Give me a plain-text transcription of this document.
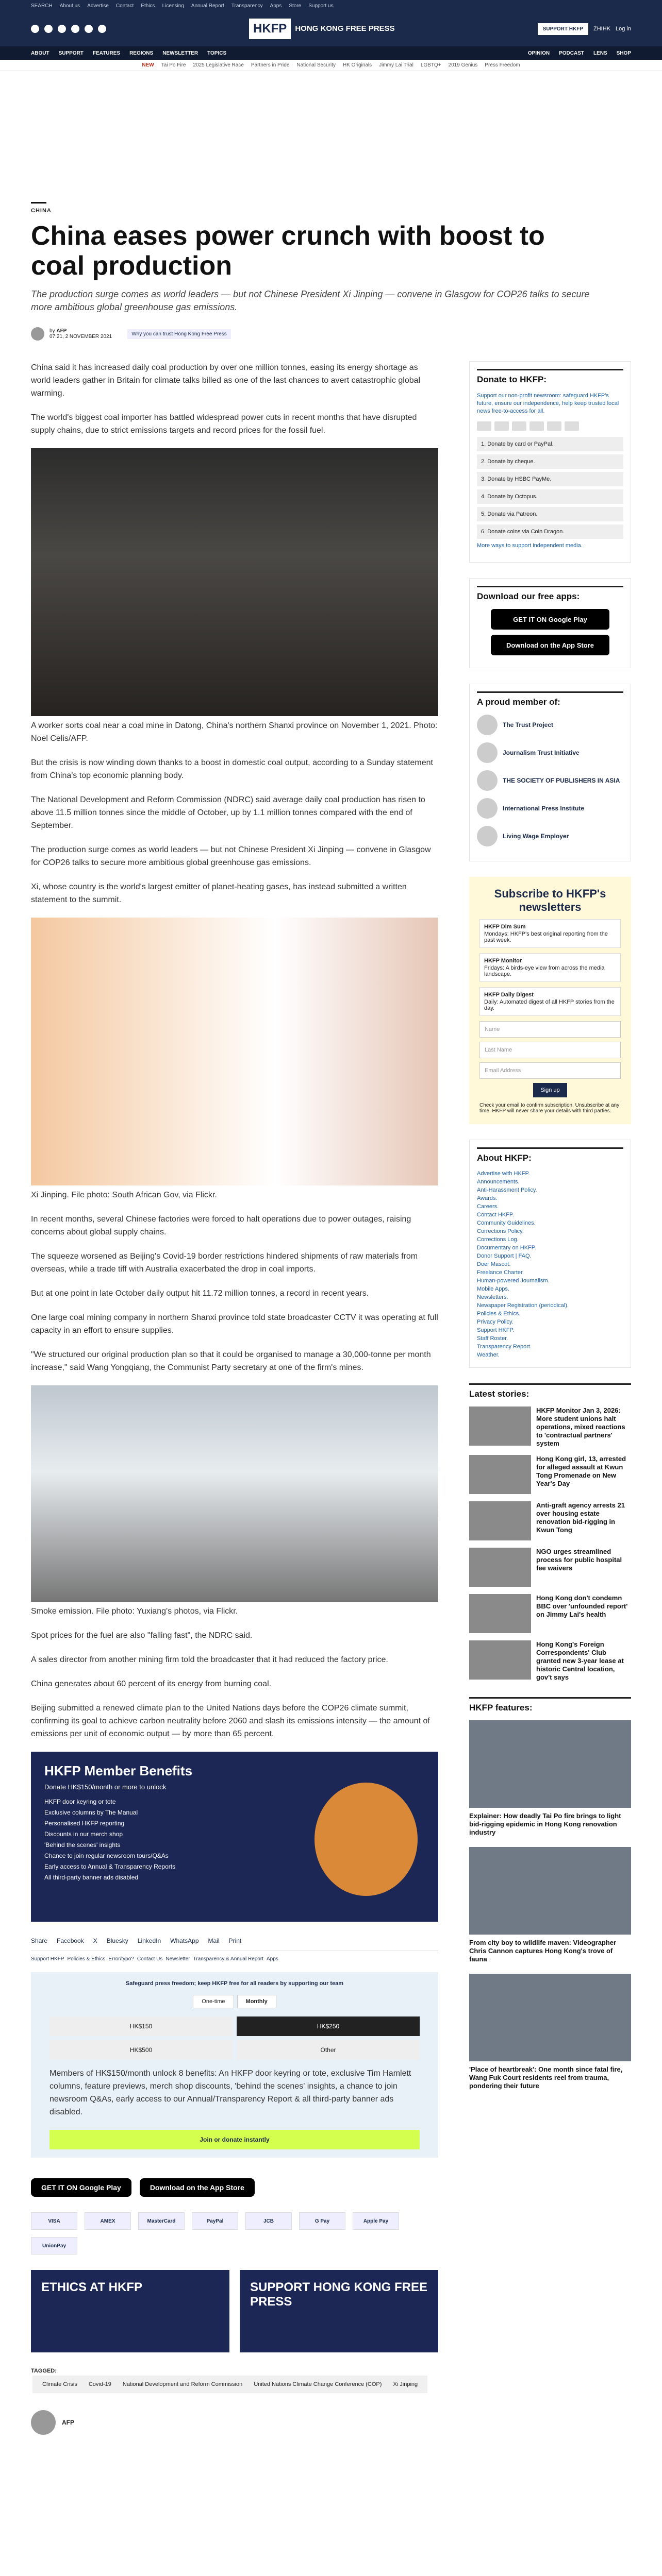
SEARCH About us Advertise Contact Ethics Licensing Annual Report Transparency Apps Store Support us
HKFP	HONG KONG FREE PRESS	SUPPORT HKFP	ZHIHK Log in
ABOUT SUPPORT FEATURES REGIONS NEWSLETTER TOPICS	OPINION PODCAST LENS SHOP
NEW Tai Po Fire 2025 Legislative Race Partners in Pride National Security HK Originals Jimmy Lai Trial LGBTQ+ 2019 Genius Press Freedom
CHINA
China eases power crunch with boost to coal production

The production surge comes as world leaders — but not Chinese President Xi Jinping — convene in Glasgow for COP26 talks to secure more ambitious global greenhouse gas emissions.

by AFP
07:21, 2 NOVEMBER 2021	Why you can trust Hong Kong Free Press

China said it has increased daily coal production by over one million tonnes, easing its energy shortage as world leaders gather in Britain for climate talks billed as one of the last chances to avert catastrophic global warming.

The world's biggest coal importer has battled widespread power cuts in recent months that have disrupted supply chains, due to strict emissions targets and record prices for the fossil fuel.

A worker sorts coal near a coal mine in Datong, China's northern Shanxi province on November 1, 2021. Photo: Noel Celis/AFP.

But the crisis is now winding down thanks to a boost in domestic coal output, according to a Sunday statement from China's top economic planning body.

The National Development and Reform Commission (NDRC) said average daily coal production has risen to above 11.5 million tonnes since the middle of October, up by 1.1 million tonnes compared with the end of September.

The production surge comes as world leaders — but not Chinese President Xi Jinping — convene in Glasgow for COP26 talks to secure more ambitious global greenhouse gas emissions.

Xi, whose country is the world's largest emitter of planet-heating gases, has instead submitted a written statement to the summit.

Xi Jinping. File photo: South African Gov, via Flickr.

In recent months, several Chinese factories were forced to halt operations due to power outages, raising concerns about global supply chains.

The squeeze worsened as Beijing's Covid-19 border restrictions hindered shipments of raw materials from overseas, while a trade tiff with Australia exacerbated the drop in coal imports.

But at one point in late October daily output hit 11.72 million tonnes, a record in recent years.

One large coal mining company in northern Shanxi province told state broadcaster CCTV it was operating at full capacity in an effort to ensure supplies.

"We structured our original production plan so that it could be organised to manage a 30,000-tonne per month increase," said Wang Yongqiang, the Communist Party secretary at one of the firm's mines.

Smoke emission. File photo: Yuxiang's photos, via Flickr.

Spot prices for the fuel are also "falling fast", the NDRC said.

A sales director from another mining firm told the broadcaster that it had reduced the factory price.

China generates about 60 percent of its energy from burning coal.

Beijing submitted a renewed climate plan to the United Nations days before the COP26 climate summit, confirming its goal to achieve carbon neutrality before 2060 and slash its emissions intensity — the amount of emissions per unit of economic output — by more than 65 percent.

HKFP Member Benefits
Donate HK$150/month or more to unlock
HKFP door keyring or tote
Exclusive columns by The Manual
Personalised HKFP reporting
Discounts in our merch shop
'Behind the scenes' insights
Chance to join regular newsroom tours/Q&As
Early access to Annual & Transparency Reports
All third-party banner ads disabled
Share Facebook X Bluesky LinkedIn WhatsApp Mail Print
Support HKFP Policies & Ethics Error/typo? Contact Us Newsletter Transparency & Annual Report Apps
Safeguard press freedom; keep HKFP free for all readers by supporting our team
One-time	Monthly
HK$150	HK$250
HK$500	Other

Members of HK$150/month unlock 8 benefits: An HKFP door keyring or tote, exclusive Tim Hamlett columns, feature previews, merch shop discounts, 'behind the scenes' insights, a chance to join newsroom Q&As, early access to our Annual/Transparency Report & all third-party banner ads disabled.

Join or donate instantly
GET IT ON Google Play	Download on the App Store
VISA	AMEX	MasterCard	PayPal	JCB	G Pay	Apple Pay
UnionPay
ETHICS AT HKFP	SUPPORT HONG KONG FREE PRESS
TAGGED: Climate Crisis Covid-19 National Development and Reform Commission United Nations Climate Change Conference (COP) Xi Jinping
AFP
Donate to HKFP:

Support our non-profit newsroom: safeguard HKFP's future, ensure our independence, help keep trusted local news free-to-access for all.

1. Donate by card or PayPal.
2. Donate by cheque.
3. Donate by HSBC PayMe.
4. Donate by Octopus.
5. Donate via Patreon.
6. Donate coins via Coin Dragon.

More ways to support independent media.

Download our free apps:
GET IT ON Google Play
Download on the App Store
A proud member of:
The Trust Project
Journalism Trust Initiative
THE SOCIETY OF PUBLISHERS IN ASIA
International Press Institute
Living Wage Employer
Subscribe to HKFP's newsletters
HKFP Dim Sum
Mondays: HKFP's best original reporting from the past week.
HKFP Monitor
Fridays: A birds-eye view from across the media landscape.
HKFP Daily Digest
Daily: Automated digest of all HKFP stories from the day.
Name
Last Name
Email Address
Sign up

Check your email to confirm subscription. Unsubscribe at any time. HKFP will never share your details with third parties.

About HKFP:
Advertise with HKFP.
Announcements.
Anti-Harassment Policy.
Awards.
Careers.
Contact HKFP.
Community Guidelines.
Corrections Policy.
Corrections Log.
Documentary on HKFP.
Donor Support | FAQ.
Doer Mascot.
Freelance Charter.
Human-powered Journalism.
Mobile Apps.
Newsletters.
Newspaper Registration (periodical).
Policies & Ethics.
Privacy Policy.
Support HKFP.
Staff Roster.
Transparency Report.
Weather.
Latest stories:
HKFP Monitor Jan 3, 2026: More student unions halt operations, mixed reactions to 'contractual partners' system
Hong Kong girl, 13, arrested for alleged assault at Kwun Tong Promenade on New Year's Day
Anti-graft agency arrests 21 over housing estate renovation bid-rigging in Kwun Tong
NGO urges streamlined process for public hospital fee waivers
Hong Kong don't condemn BBC over 'unfounded report' on Jimmy Lai's health
Hong Kong's Foreign Correspondents' Club granted new 3-year lease at historic Central location, gov't says
HKFP features:
Explainer: How deadly Tai Po fire brings to light bid-rigging epidemic in Hong Kong renovation industry
From city boy to wildlife maven: Videographer Chris Cannon captures Hong Kong's trove of fauna
'Place of heartbreak': One month since fatal fire, Wang Fuk Court residents reel from trauma, pondering their future
